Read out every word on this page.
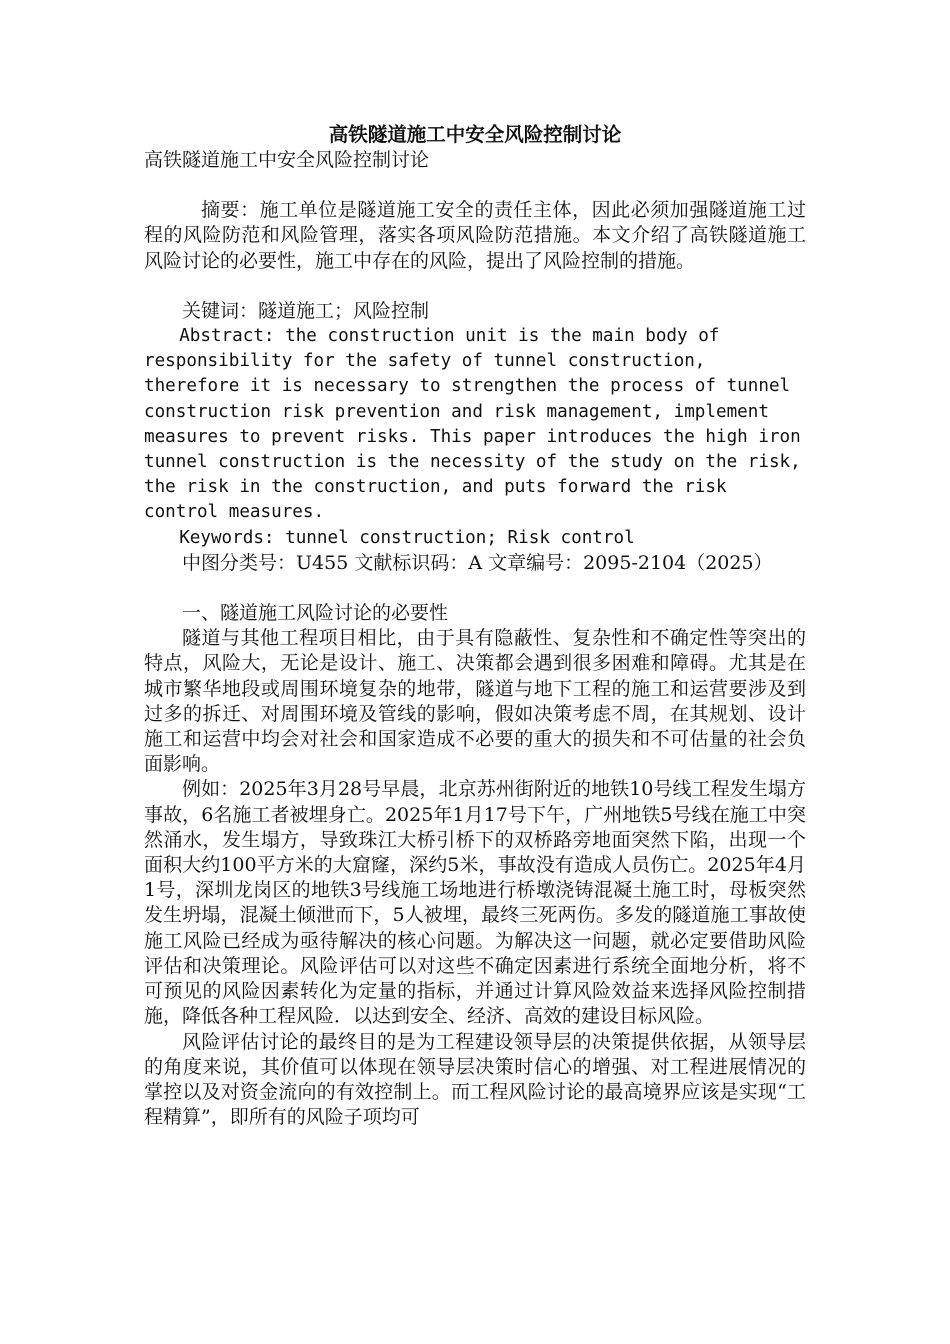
高铁隧道施工中安全风险控制讨论

高铁隧道施工中安全风险控制讨论

摘要：施工单位是隧道施工安全的责任主体，因此必须加强隧道施工过程的风险防范和风险管理，落实各项风险防范措施。本文介绍了高铁隧道施工风险讨论的必要性，施工中存在的风险，提出了风险控制的措施。

关键词：隧道施工；风险控制

Abstract: the construction unit is the main body of responsibility for the safety of tunnel construction, therefore it is necessary to strengthen the process of tunnel construction risk prevention and risk management, implement measures to prevent risks. This paper introduces the high iron tunnel construction is the necessity of the study on the risk, the risk in the construction, and puts forward the risk control measures.

Keywords: tunnel construction; Risk control

中图分类号：U455 文献标识码：A 文章编号：2095-2104（2025）

一、隧道施工风险讨论的必要性

隧道与其他工程项目相比，由于具有隐蔽性、复杂性和不确定性等突出的特点，风险大，无论是设计、施工、决策都会遇到很多困难和障碍。尤其是在城市繁华地段或周围环境复杂的地带，隧道与地下工程的施工和运营要涉及到过多的拆迁、对周围环境及管线的影响，假如决策考虑不周，在其规划、设计施工和运营中均会对社会和国家造成不必要的重大的损失和不可估量的社会负面影响。

例如：2025年3月28号早晨，北京苏州街附近的地铁10号线工程发生塌方事故，6名施工者被埋身亡。2025年1月17号下午，广州地铁5号线在施工中突然涌水，发生塌方，导致珠江大桥引桥下的双桥路旁地面突然下陷，出现一个面积大约100平方米的大窟窿，深约5米，事故没有造成人员伤亡。2025年4月1号，深圳龙岗区的地铁3号线施工场地进行桥墩浇铸混凝土施工时，母板突然发生坍塌，混凝土倾泄而下，5人被埋，最终三死两伤。多发的隧道施工事故使施工风险已经成为亟待解决的核心问题。为解决这一问题，就必定要借助风险评估和决策理论。风险评估可以对这些不确定因素进行系统全面地分析，将不可预见的风险因素转化为定量的指标，并通过计算风险效益来选择风险控制措施，降低各种工程风险．以达到安全、经济、高效的建设目标风险。

风险评估讨论的最终目的是为工程建设领导层的决策提供依据，从领导层的角度来说，其价值可以体现在领导层决策时信心的增强、对工程进展情况的掌控以及对资金流向的有效控制上。而工程风险讨论的最高境界应该是实现“工程精算”，即所有的风险子项均可
